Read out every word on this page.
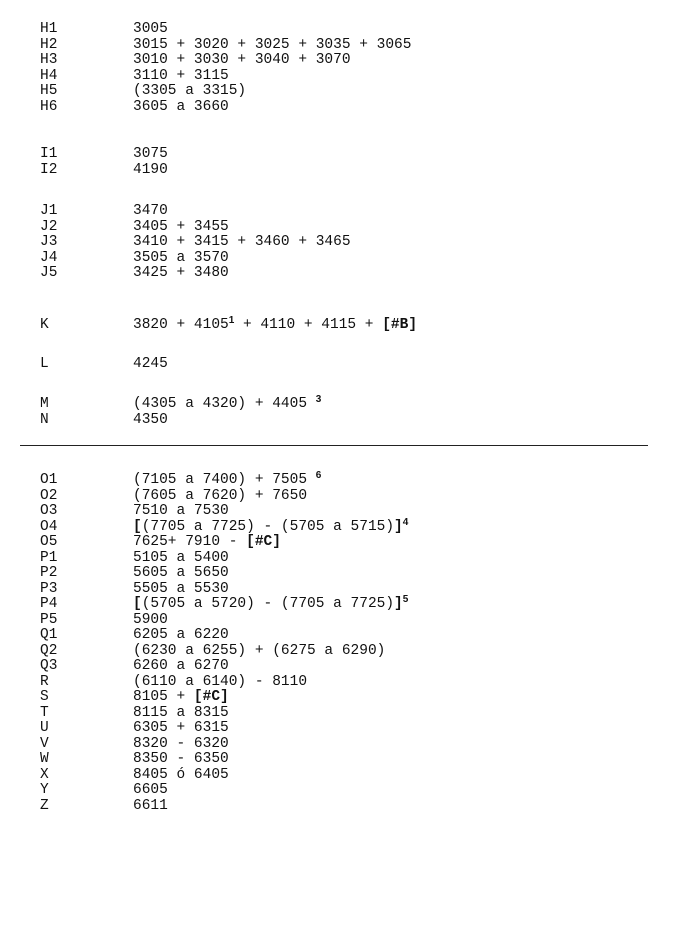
H1	3005
H2	3015 + 3020 + 3025 + 3035 + 3065
H3	3010 + 3030 + 3040 + 3070
H4	3110 + 3115
H5	(3305 a 3315)
H6	3605 a 3660
I1	3075
I2	4190
J1	3470
J2	3405 + 3455
J3	3410 + 3415 + 3460 + 3465
J4	3505 a 3570
J5	3425 + 3480
K	$3820 + 4105^1 + 4110 + 4115$ + [#B]
L	4245
M	(4305 a 4320) + 4405 $^3$
N	4350
O1	(7105 a 7400) + 7505 $^6$
O2	(7605 a 7620) + 7650
O3	7510 a 7530
O4	[(7705 a 7725) - (5705 a 5715)]$^4$
O5	7625+ 7910 - [#C]
P1	5105 a 5400
P2	5605 a 5650
P3	5505 a 5530
P4	[(5705 a 5720) - (7705 a 7725)]$^5$
P5	5900
Q1	6205 a 6220
Q2	(6230 a 6255) + (6275 a 6290)
Q3	6260 a 6270
R	(6110 a 6140) - 8110
S	8105 + [#C]
T	8115 a 8315
U	6305 + 6315
V	8320 - 6320
W	8350 - 6350
X	8405 ó 6405
Y	6605
Z	6611
